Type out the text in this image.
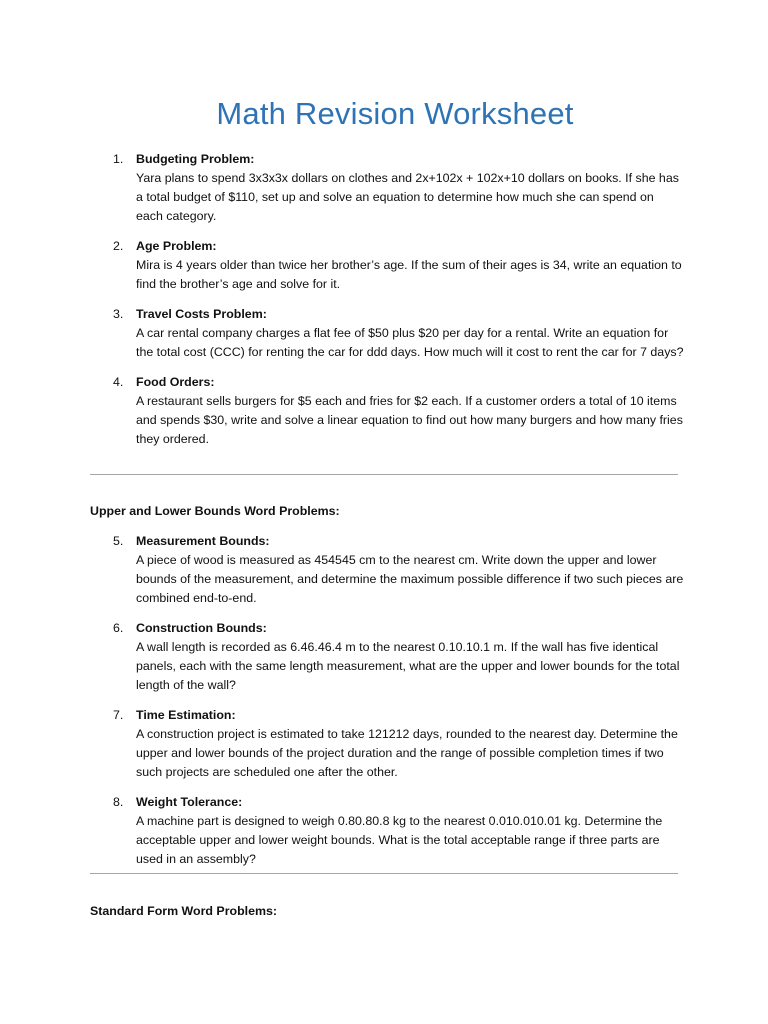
Math Revision Worksheet
1. Budgeting Problem:
Yara plans to spend 3x3x3x dollars on clothes and 2x+102x + 102x+10 dollars on books. If she has a total budget of $110, set up and solve an equation to determine how much she can spend on each category.
2. Age Problem:
Mira is 4 years older than twice her brother’s age. If the sum of their ages is 34, write an equation to find the brother’s age and solve for it.
3. Travel Costs Problem:
A car rental company charges a flat fee of $50 plus $20 per day for a rental. Write an equation for the total cost (CCC) for renting the car for ddd days. How much will it cost to rent the car for 7 days?
4. Food Orders:
A restaurant sells burgers for $5 each and fries for $2 each. If a customer orders a total of 10 items and spends $30, write and solve a linear equation to find out how many burgers and how many fries they ordered.
Upper and Lower Bounds Word Problems:
5. Measurement Bounds:
A piece of wood is measured as 454545 cm to the nearest cm. Write down the upper and lower bounds of the measurement, and determine the maximum possible difference if two such pieces are combined end-to-end.
6. Construction Bounds:
A wall length is recorded as 6.46.46.4 m to the nearest 0.10.10.1 m. If the wall has five identical panels, each with the same length measurement, what are the upper and lower bounds for the total length of the wall?
7. Time Estimation:
A construction project is estimated to take 121212 days, rounded to the nearest day. Determine the upper and lower bounds of the project duration and the range of possible completion times if two such projects are scheduled one after the other.
8. Weight Tolerance:
A machine part is designed to weigh 0.80.80.8 kg to the nearest 0.010.010.01 kg. Determine the acceptable upper and lower weight bounds. What is the total acceptable range if three parts are used in an assembly?
Standard Form Word Problems:
